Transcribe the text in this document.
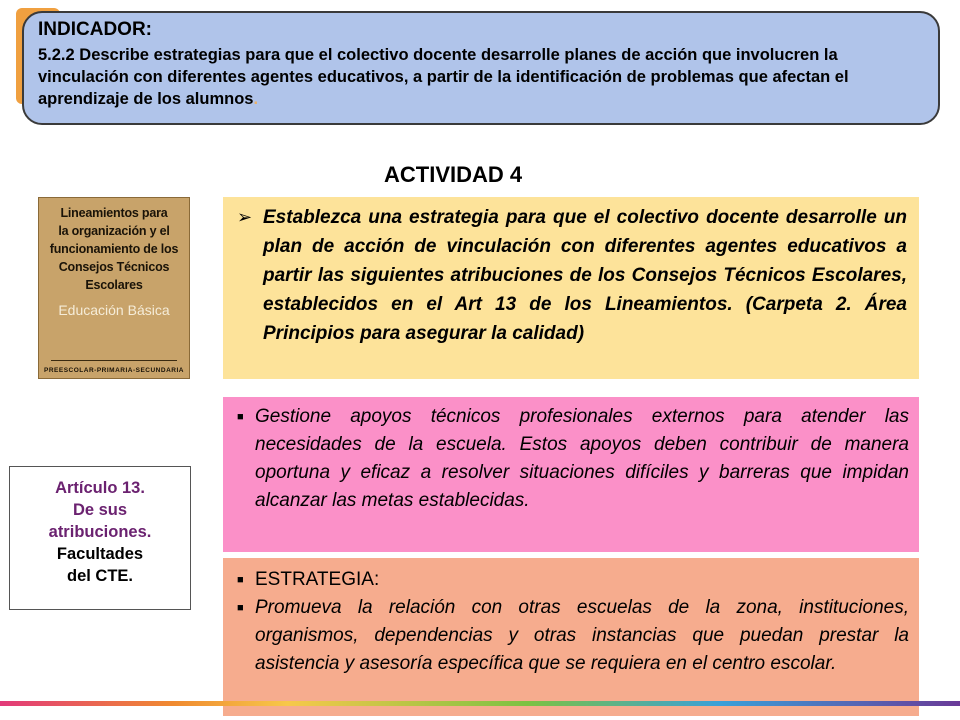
INDICADOR:
5.2.2 Describe estrategias para que el colectivo docente desarrolle planes de acción que involucren la vinculación con diferentes agentes educativos, a partir de la identificación de problemas que afectan el aprendizaje de los alumnos.
ACTIVIDAD 4
Lineamientos para
la organización y el
funcionamiento de los
Consejos Técnicos Escolares
Educación Básica
PREESCOLAR-PRIMARIA-SECUNDARIA
➢ Establezca una estrategia para que el colectivo docente desarrolle un plan de acción de vinculación con diferentes agentes educativos a partir las siguientes atribuciones de los Consejos Técnicos Escolares, establecidos en el Art 13 de los Lineamientos. (Carpeta 2. Área Principios para asegurar la calidad)
■ Gestione apoyos técnicos profesionales externos para atender las necesidades de la escuela. Estos apoyos deben contribuir de manera oportuna y eficaz a resolver situaciones difíciles y barreras que impidan alcanzar las metas establecidas.
■ ESTRATEGIA:
■ Promueva la relación con otras escuelas de la zona, instituciones, organismos, dependencias y otras instancias que puedan prestar la asistencia y asesoría específica que se requiera en el centro escolar.
Artículo 13.
De sus
atribuciones.
Facultades
del CTE.
